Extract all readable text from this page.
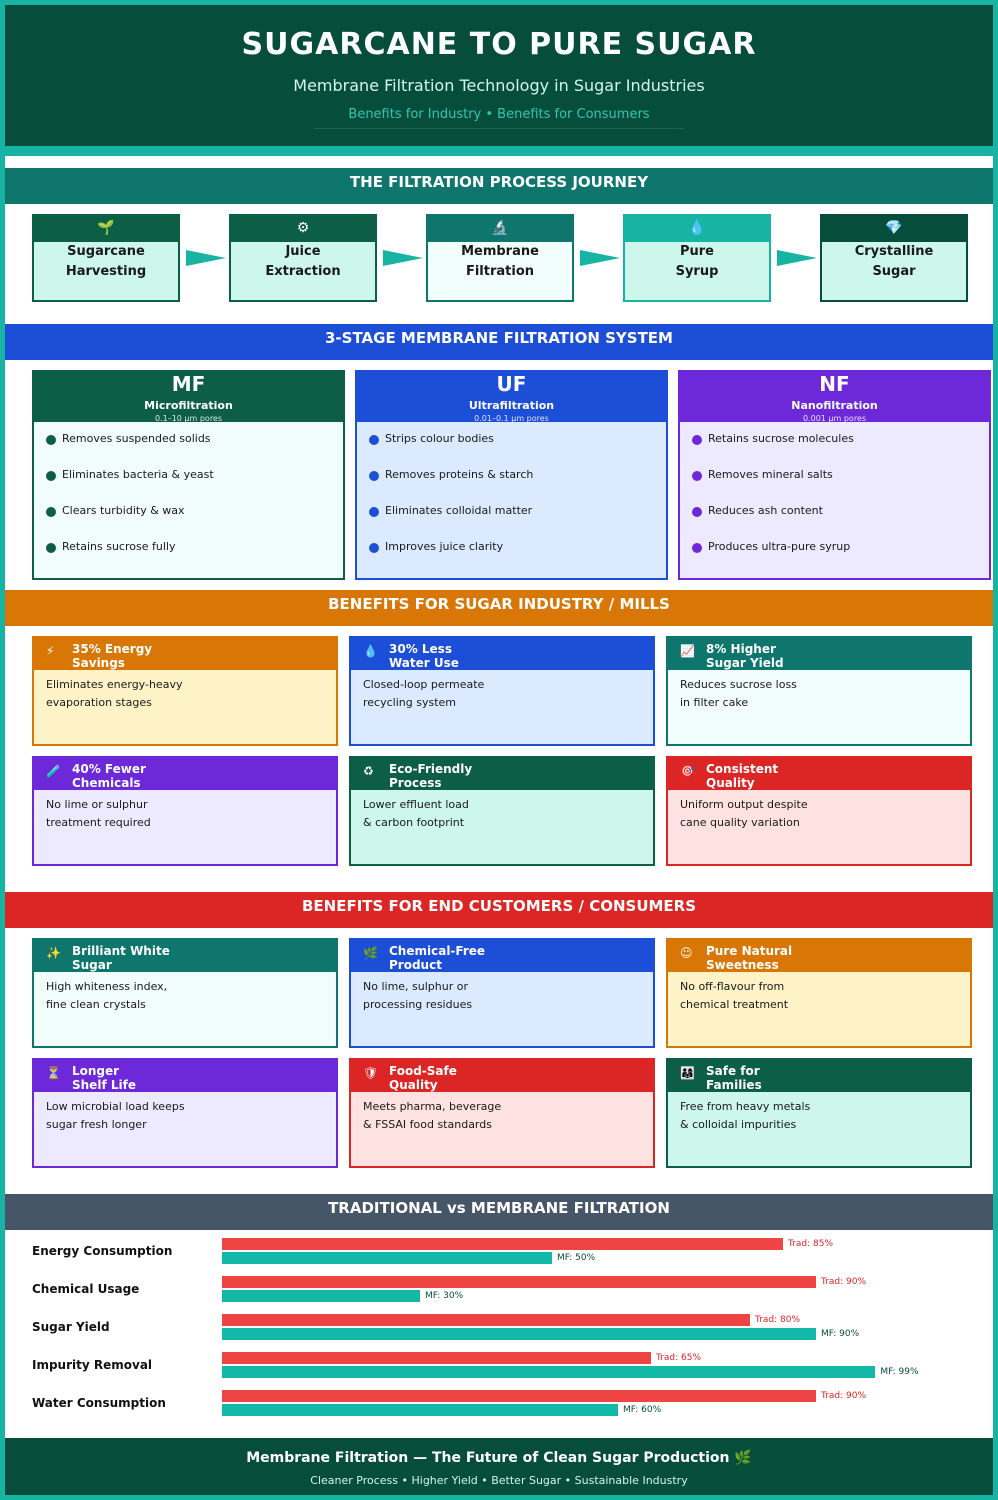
SUGARCANE TO PURE SUGAR
Membrane Filtration Technology in Sugar Industries
Benefits for Industry • Benefits for Consumers
THE FILTRATION PROCESS JOURNEY
🌱
Sugarcane
Harvesting
⚙
Juice
Extraction
🔬
Membrane
Filtration
💧
Pure
Syrup
💎
Crystalline
Sugar
3-STAGE MEMBRANE FILTRATION SYSTEM
MF
Microfiltration
0.1–10 µm pores
Removes suspended solids
Eliminates bacteria & yeast
Clears turbidity & wax
Retains sucrose fully
UF
Ultrafiltration
0.01–0.1 µm pores
Strips colour bodies
Removes proteins & starch
Eliminates colloidal matter
Improves juice clarity
NF
Nanofiltration
0.001 µm pores
Retains sucrose molecules
Removes mineral salts
Reduces ash content
Produces ultra-pure syrup
BENEFITS FOR SUGAR INDUSTRY / MILLS
⚡ 35% Energy
Savings
Eliminates energy-heavy
evaporation stages
💧 30% Less
Water Use
Closed-loop permeate
recycling system
📈 8% Higher
Sugar Yield
Reduces sucrose loss
in filter cake
🧪 40% Fewer
Chemicals
No lime or sulphur
treatment required
♻ Eco-Friendly
Process
Lower effluent load
& carbon footprint
🎯 Consistent
Quality
Uniform output despite
cane quality variation
BENEFITS FOR END CUSTOMERS / CONSUMERS
✨ Brilliant White
Sugar
High whiteness index,
fine clean crystals
🌿 Chemical-Free
Product
No lime, sulphur or
processing residues
☺ Pure Natural
Sweetness
No off-flavour from
chemical treatment
⏳ Longer
Shelf Life
Low microbial load keeps
sugar fresh longer
🛡 Food-Safe
Quality
Meets pharma, beverage
& FSSAI food standards
👨‍👩‍👧 Safe for
Families
Free from heavy metals
& colloidal impurities
TRADITIONAL vs MEMBRANE FILTRATION
Energy Consumption	Trad: 85%
MF: 50%
Chemical Usage	Trad: 90%
MF: 30%
Sugar Yield	Trad: 80%
MF: 90%
Impurity Removal	Trad: 65%
MF: 99%
Water Consumption	Trad: 90%
MF: 60%
Membrane Filtration — The Future of Clean Sugar Production 🌿
Cleaner Process • Higher Yield • Better Sugar • Sustainable Industry
